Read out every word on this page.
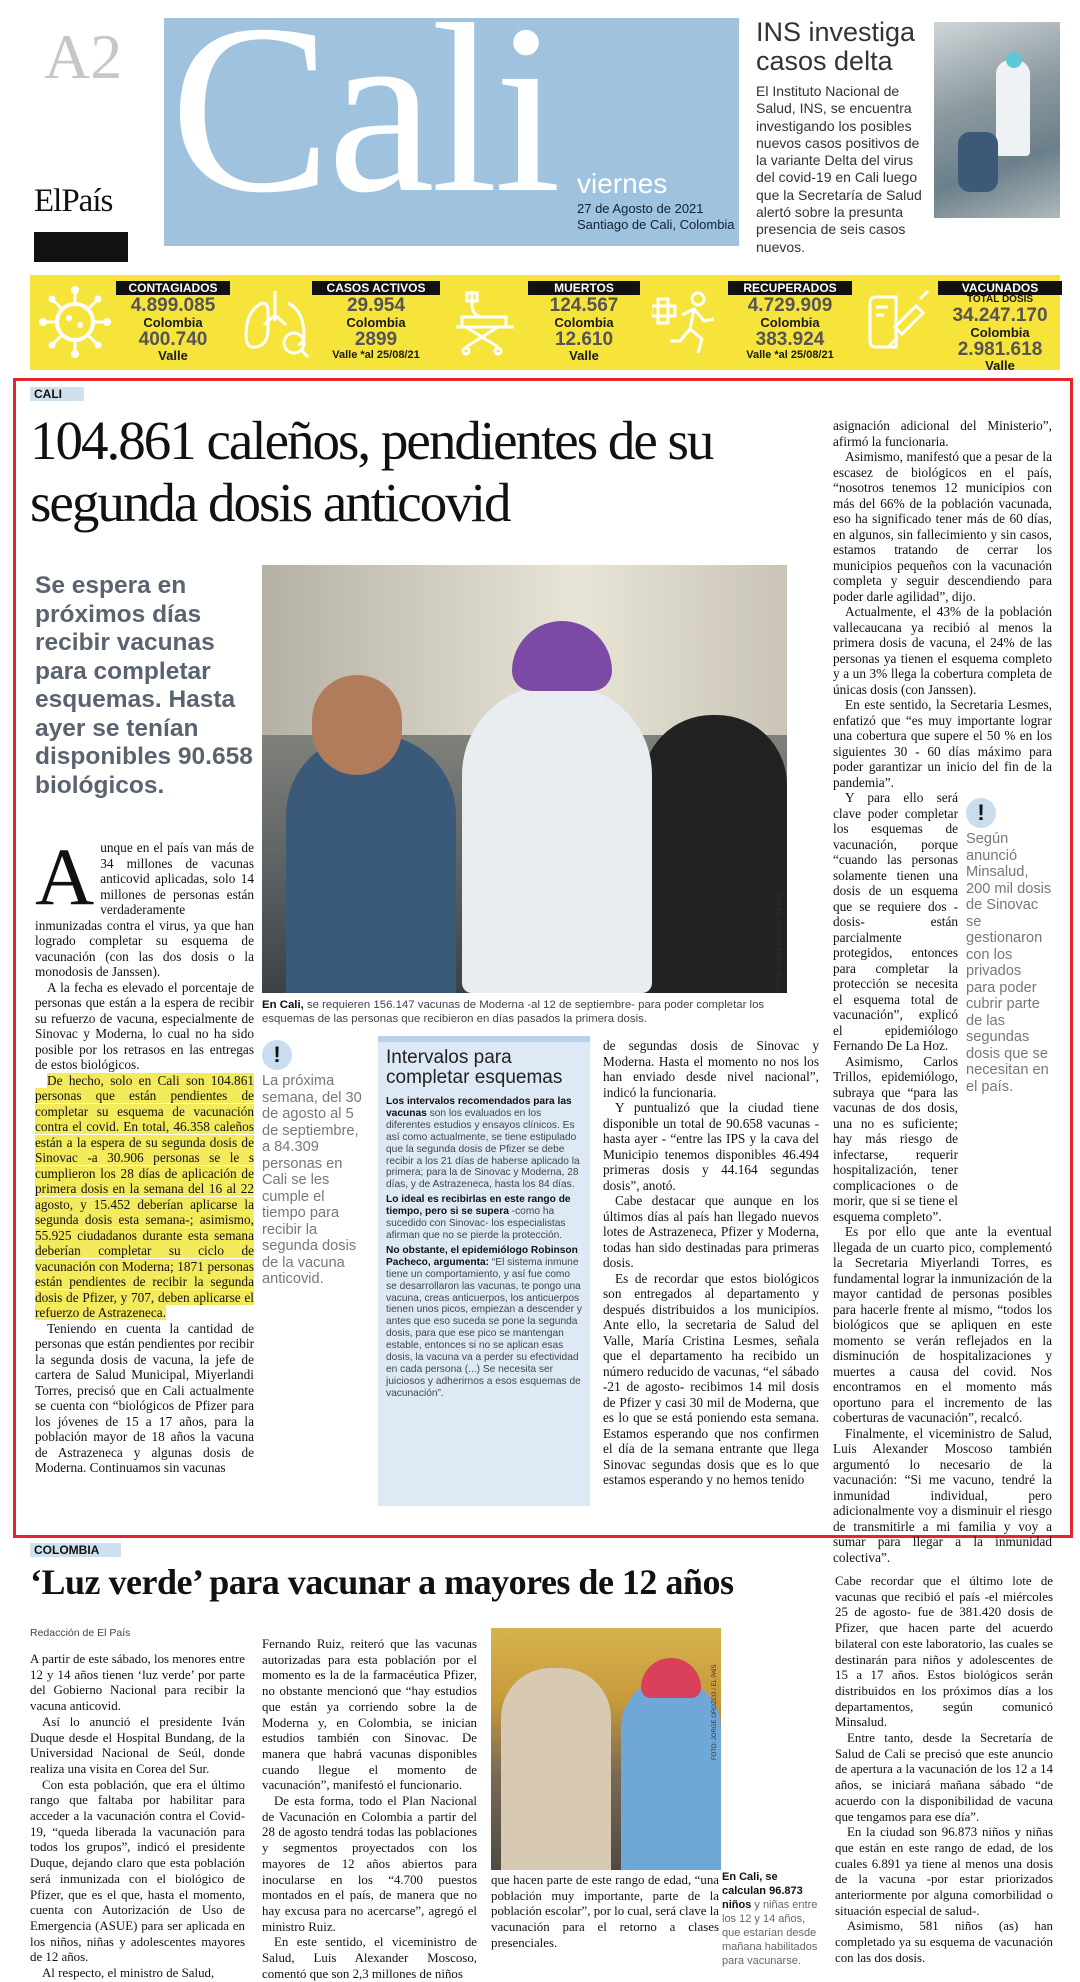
A2
ElPaís Cali viernes
27 de Agosto de 2021
Santiago de Cali, Colombia
INS investiga casos delta
El Instituto Nacional de Salud, INS, se encuentra investigando los posibles nuevos casos positivos de la variante Delta del virus del covid-19 en Cali luego que la Secretaría de Salud alertó sobre la presunta presencia de seis casos nuevos.
CONTAGIADOS
4.899.085
Colombia
400.740
Valle
CASOS ACTIVOS
29.954
Colombia
2899
Valle *al 25/08/21
MUERTOS
124.567
Colombia
12.610
Valle
RECUPERADOS
4.729.909
Colombia
383.924
Valle *al 25/08/21
VACUNADOS
TOTAL DOSIS
34.247.170
Colombia
2.981.618
Valle
CALI
104.861 caleños, pendientes de su segunda dosis anticovid
Se espera en próximos días recibir vacunas para completar esquemas. Hasta ayer se tenían disponibles 90.658 biológicos.
FOTO: JORGE OROZCO / EL PAÍS
En Cali, se requieren 156.147 vacunas de Moderna -al 12 de septiembre- para poder completar los esquemas de las personas que recibieron en días pasados la primera dosis.

Aunque en el país van más de 34 millones de vacunas anticovid aplicadas, solo 14 millones de personas están verdaderamente inmunizadas contra el virus, ya que han logrado completar su esquema de vacunación (con las dos dosis o la monodosis de Janssen).

A la fecha es elevado el porcentaje de personas que están a la espera de recibir su refuerzo de vacuna, especialmente de Sinovac y Moderna, lo cual no ha sido posible por los retrasos en las entregas de estos biológicos.

De hecho, solo en Cali son 104.861 personas que están pendientes de completar su esquema de vacunación contra el covid. En total, 46.358 caleños están a la espera de su segunda dosis de Sinovac -a 30.906 personas se le s cumplieron los 28 días de aplicación de primera dosis en la semana del 16 al 22 agosto, y 15.452 deberían aplicarse la segunda dosis esta semana-; asimismo, 55.925 ciudadanos durante esta semana deberían completar su ciclo de vacunación con Moderna; 1871 personas están pendientes de recibir la segunda dosis de Pfizer, y 707, deben aplicarse el refuerzo de Astrazeneca.

Teniendo en cuenta la cantidad de personas que están pendientes por recibir la segunda dosis de vacuna, la jefe de cartera de Salud Municipal, Miyerlandi Torres, precisó que en Cali actualmente se cuenta con “biológicos de Pfizer para los jóvenes de 15 a 17 años, para la población mayor de 18 años la vacuna de Astrazeneca y algunas dosis de Moderna. Continuamos sin vacunas

!
La próxima semana, del 30 de agosto al 5 de septiembre, a 84.309 personas en Cali se les cumple el tiempo para recibir la segunda dosis de la vacuna anticovid.
Intervalos para completar esquemas

Los intervalos recomendados para las vacunas son los evaluados en los diferentes estudios y ensayos clínicos. Es así como actualmente, se tiene estipulado que la segunda dosis de Pfizer se debe recibir a los 21 días de haberse aplicado la primera; para la de Sinovac y Moderna, 28 días, y de Astrazeneca, hasta los 84 días.

Lo ideal es recibirlas en este rango de tiempo, pero si se supera -como ha sucedido con Sinovac- los especialistas afirman que no se pierde la protección.

No obstante, el epidemiólogo Robinson Pacheco, argumenta: “El sistema inmune tiene un comportamiento, y así fue como se desarrollaron las vacunas, te pongo una vacuna, creas anticuerpos, los anticuerpos tienen unos picos, empiezan a descender y antes que eso suceda se pone la segunda dosis, para que ese pico se mantengan estable, entonces si no se aplican esas dosis, la vacuna va a perder su efectividad en cada persona (...) Se necesita ser juiciosos y adherirnos a esos esquemas de vacunación”.

de segundas dosis de Sinovac y Moderna. Hasta el momento no nos los han enviado desde nivel nacional”, indicó la funcionaria.

Y puntualizó que la ciudad tiene disponible un total de 90.658 vacunas -hasta ayer - “entre las IPS y la cava del Municipio tenemos disponibles 46.494 primeras dosis y 44.164 segundas dosis”, anotó.

Cabe destacar que aunque en los últimos días al país han llegado nuevos lotes de Astrazeneca, Pfizer y Moderna, todas han sido destinadas para primeras dosis.

Es de recordar que estos biológicos son entregados al departamento y después distribuidos a los municipios. Ante ello, la secretaria de Salud del Valle, María Cristina Lesmes, señala que el departamento ha recibido un número reducido de vacunas, “el sábado -21 de agosto- recibimos 14 mil dosis de Pfizer y casi 30 mil de Moderna, que es lo que se está poniendo esta semana. Estamos esperando que nos confirmen el día de la semana entrante que llega Sinovac segundas dosis que es lo que estamos esperando y no hemos tenido

asignación adicional del Ministerio”, afirmó la funcionaria.

Asimismo, manifestó que a pesar de la escasez de biológicos en el país, “nosotros tenemos 12 municipios con más del 66% de la población vacunada, eso ha significado tener más de 60 días, en algunos, sin fallecimiento y sin casos, estamos tratando de cerrar los municipios pequeños con la vacunación completa y seguir descendiendo para poder darle agilidad”, dijo.

Actualmente, el 43% de la población vallecaucana ya recibió al menos la primera dosis de vacuna, el 24% de las personas ya tienen el esquema completo y a un 3% llega la cobertura completa de únicas dosis (con Janssen).

En este sentido, la Secretaria Lesmes, enfatizó que “es muy importante lograr una cobertura que supere el 50 % en los siguientes 30 - 60 días máximo para poder garantizar un inicio del fin de la pandemia”.

Y para ello será clave poder completar los esquemas de vacunación, porque “cuando las personas solamente tienen una dosis de un esquema que se requiere dos -dosis- están parcialmente protegidos, entonces para completar la protección se necesita el esquema total de vacunación”, explicó el epidemiólogo Fernando De La Hoz.

Asimismo, Carlos Trillos, epidemiólogo, subraya que “para las vacunas de dos dosis, una no es suficiente; hay más riesgo de infectarse, requerir hospitalización, tener complicaciones o de morir, que si se tiene el esquema completo”.

Es por ello que ante la eventual llegada de un cuarto pico, complementó la Secretaria Miyerlandi Torres, es fundamental lograr la inmunización de la mayor cantidad de personas posibles para hacerle frente al mismo, “todos los biológicos que se apliquen en este momento se verán reflejados en la disminución de hospitalizaciones y muertes a causa del covid. Nos encontramos en el momento más oportuno para el incremento de las coberturas de vacunación”, recalcó.

Finalmente, el viceministro de Salud, Luis Alexander Moscoso también argumentó lo necesario de la vacunación: “Si me vacuno, tendré la inmunidad individual, pero adicionalmente voy a disminuir el riesgo de transmitirle a mi familia y voy a sumar para llegar a la inmunidad colectiva”.

!
Según anunció Minsalud, 200 mil dosis de Sinovac se gestionaron con los privados para poder cubrir parte de las segundas dosis que se necesitan en el país.
COLOMBIA
‘Luz verde’ para vacunar a mayores de 12 años
Redacción de El País

A partir de este sábado, los menores entre 12 y 14 años tienen ‘luz verde’ por parte del Gobierno Nacional para recibir la vacuna anticovid.

Así lo anunció el presidente Iván Duque desde el Hospital Bundang, de la Universidad Nacional de Seúl, donde realiza una visita en Corea del Sur.

Con esta población, que era el último rango que faltaba por habilitar para acceder a la vacunación contra el Covid-19, “queda liberada la vacunación para todos los grupos”, indicó el presidente Duque, dejando claro que esta población será inmunizada con el biológico de Pfizer, que es el que, hasta el momento, cuenta con Autorización de Uso de Emergencia (ASUE) para ser aplicada en los niños, niñas y adolescentes mayores de 12 años.

Al respecto, el ministro de Salud,

Fernando Ruiz, reiteró que las vacunas autorizadas para esta población por el momento es la de la farmacéutica Pfizer, no obstante mencionó que “hay estudios que están ya corriendo sobre la de Moderna y, en Colombia, se inician estudios también con Sinovac. De manera que habrá vacunas disponibles cuando llegue el momento de vacunación”, manifestó el funcionario.

De esta forma, todo el Plan Nacional de Vacunación en Colombia a partir del 28 de agosto tendrá todas las poblaciones y segmentos proyectados con los mayores de 12 años abiertos para inocularse en los “4.700 puestos montados en el país, de manera que no hay excusa para no acercarse”, agregó el ministro Ruiz.

En este sentido, el viceministro de Salud, Luis Alexander Moscoso, comentó que son 2,3 millones de niños

FOTO: JORGE OROZCO / EL PAÍS

que hacen parte de este rango de edad, “una población muy importante, parte de la población escolar”, por lo cual, será clave la vacunación para el retorno a clases presenciales.

En Cali, se calculan 96.873 niños y niñas entre los 12 y 14 años, que estarían desde mañana habilitados para vacunarse.

Cabe recordar que el último lote de vacunas que recibió el país -el miércoles 25 de agosto- fue de 381.420 dosis de Pfizer, que hacen parte del acuerdo bilateral con este laboratorio, las cuales se destinarán para niños y adolescentes de 15 a 17 años. Estos biológicos serán distribuidos en los próximos días a los departamentos, según comunicó Minsalud.

Entre tanto, desde la Secretaría de Salud de Cali se precisó que este anuncio de apertura a la vacunación de los 12 a 14 años, se iniciará mañana sábado “de acuerdo con la disponibilidad de vacuna que tengamos para ese día”.

En la ciudad son 96.873 niños y niñas que están en este rango de edad, de los cuales 6.891 ya tiene al menos una dosis de la vacuna -por estar priorizados anteriormente por alguna comorbilidad o situación especial de salud-.

Asimismo, 581 niños (as) han completado ya su esquema de vacunación con las dos dosis.
